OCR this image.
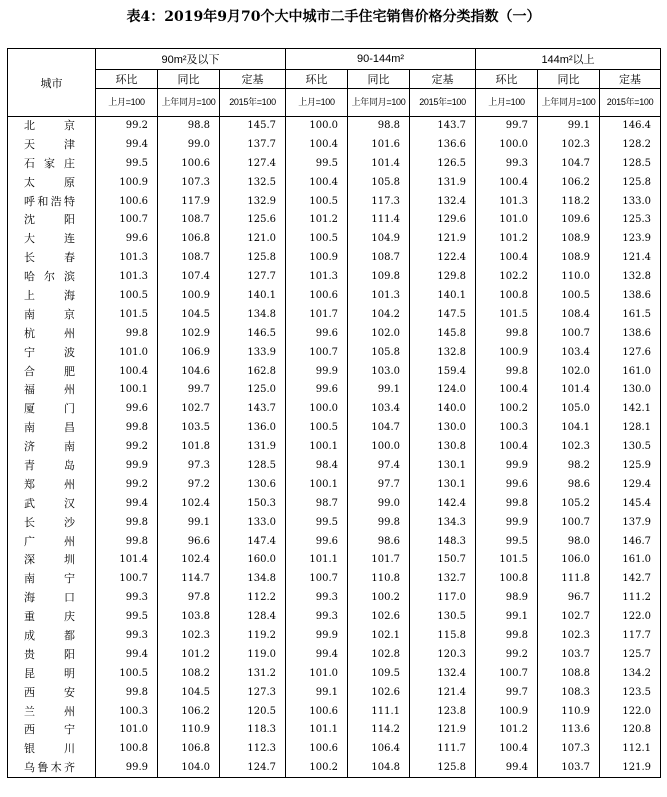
表4：2019年9月70个大中城市二手住宅销售价格分类指数（一）
城市	90m²及以下			90-144m²			144m²以上		
	环比	同比	定基	环比	同比	定基	环比	同比	定基
	上月=100	上年同月=100	2015年=100	上月=100	上年同月=100	2015年=100	上月=100	上年同月=100	2015年=100
北京	99.2	98.8	145.7	100.0	98.8	143.7	99.7	99.1	146.4
天津	99.4	99.0	137.7	100.4	101.6	136.6	100.0	102.3	128.2
石家庄	99.5	100.6	127.4	99.5	101.4	126.5	99.3	104.7	128.5
太原	100.9	107.3	132.5	100.4	105.8	131.9	100.4	106.2	125.8
呼和浩特	100.6	117.9	132.9	100.5	117.3	132.4	101.3	118.2	133.0
沈阳	100.7	108.7	125.6	101.2	111.4	129.6	101.0	109.6	125.3
大连	99.6	106.8	121.0	100.5	104.9	121.9	101.2	108.9	123.9
长春	101.3	108.7	125.8	100.9	108.7	122.4	100.4	108.9	121.4
哈尔滨	101.3	107.4	127.7	101.3	109.8	129.8	102.2	110.0	132.8
上海	100.5	100.9	140.1	100.6	101.3	140.1	100.8	100.5	138.6
南京	101.5	104.5	134.8	101.7	104.2	147.5	101.5	108.4	161.5
杭州	99.8	102.9	146.5	99.6	102.0	145.8	99.8	100.7	138.6
宁波	101.0	106.9	133.9	100.7	105.8	132.8	100.9	103.4	127.6
合肥	100.4	104.6	162.8	99.9	103.0	159.4	99.8	102.0	161.0
福州	100.1	99.7	125.0	99.6	99.1	124.0	100.4	101.4	130.0
厦门	99.6	102.7	143.7	100.0	103.4	140.0	100.2	105.0	142.1
南昌	99.8	103.5	136.0	100.5	104.7	130.0	100.3	104.1	128.1
济南	99.2	101.8	131.9	100.1	100.0	130.8	100.4	102.3	130.5
青岛	99.9	97.3	128.5	98.4	97.4	130.1	99.9	98.2	125.9
郑州	99.2	97.2	130.6	100.1	97.7	130.1	99.6	98.6	129.4
武汉	99.4	102.4	150.3	98.7	99.0	142.4	99.8	105.2	145.4
长沙	99.8	99.1	133.0	99.5	99.8	134.3	99.9	100.7	137.9
广州	99.8	96.6	147.4	99.6	98.6	148.3	99.5	98.0	146.7
深圳	101.4	102.4	160.0	101.1	101.7	150.7	101.5	106.0	161.0
南宁	100.7	114.7	134.8	100.7	110.8	132.7	100.8	111.8	142.7
海口	99.3	97.8	112.2	99.3	100.2	117.0	98.9	96.7	111.2
重庆	99.5	103.8	128.4	99.3	102.6	130.5	99.1	102.7	122.0
成都	99.3	102.3	119.2	99.9	102.1	115.8	99.8	102.3	117.7
贵阳	99.4	101.2	119.0	99.4	102.8	120.3	99.2	103.7	125.7
昆明	100.5	108.2	131.2	101.0	109.5	132.4	100.7	108.8	134.2
西安	99.8	104.5	127.3	99.1	102.6	121.4	99.7	108.3	123.5
兰州	100.3	106.2	120.5	100.6	111.1	123.8	100.9	110.9	122.0
西宁	101.0	110.9	118.3	101.1	114.2	121.9	101.2	113.6	120.8
银川	100.8	106.8	112.3	100.6	106.4	111.7	100.4	107.3	112.1
乌鲁木齐	99.9	104.0	124.7	100.2	104.8	125.8	99.4	103.7	121.9
